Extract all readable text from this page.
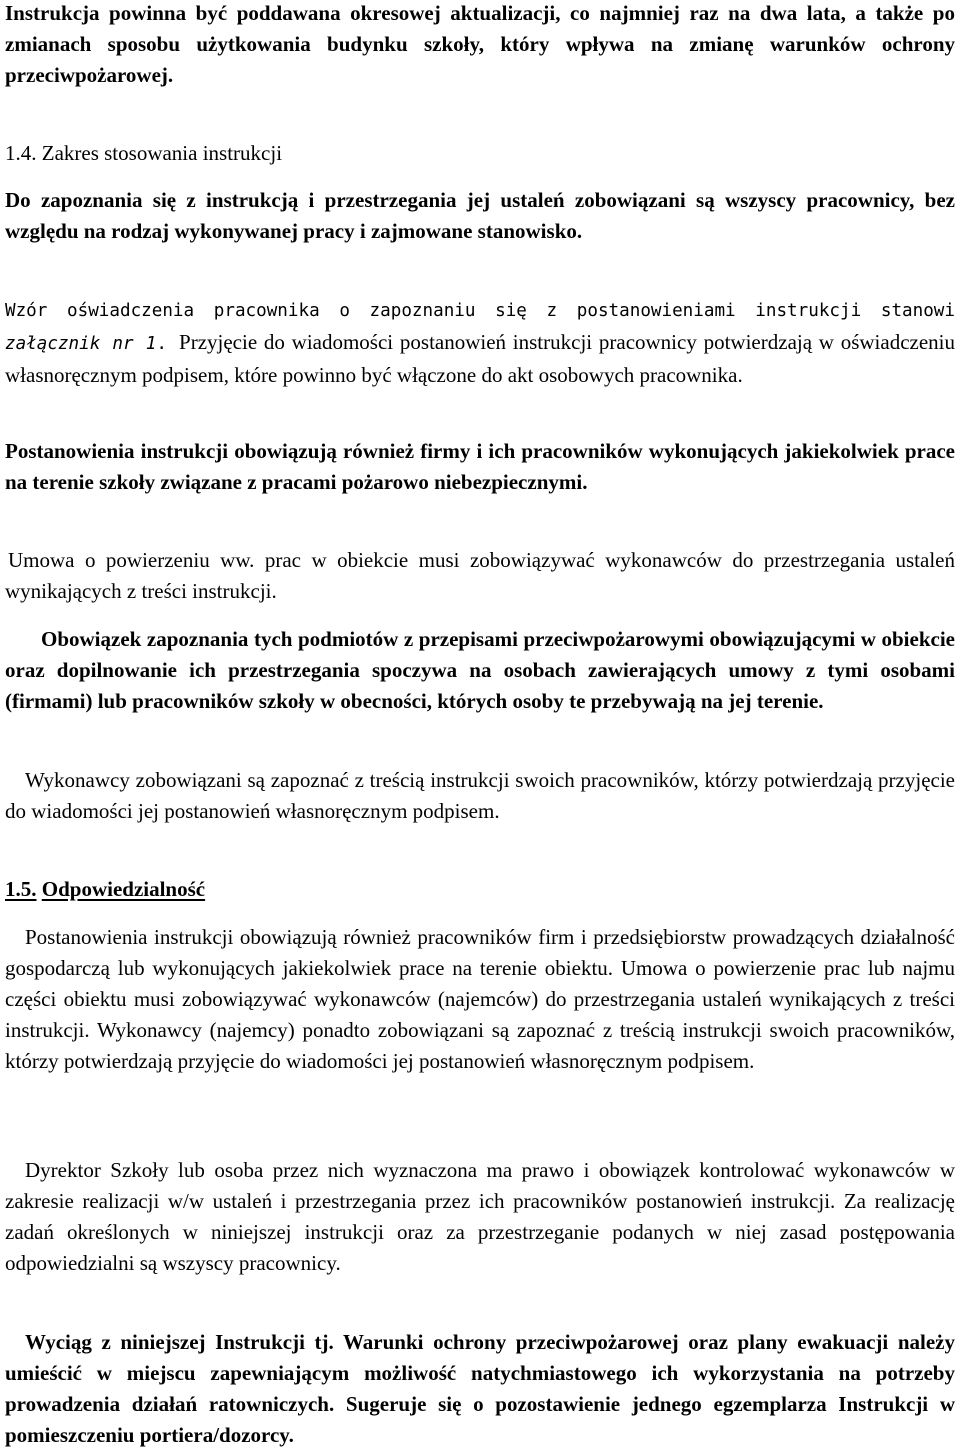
Instrukcja powinna być poddawana okresowej aktualizacji, co najmniej raz na dwa lata, a także po zmianach sposobu użytkowania budynku szkoły, który wpływa na zmianę warunków ochrony przeciwpożarowej.

1.4. Zakres stosowania instrukcji

Do zapoznania się z instrukcją i przestrzegania jej ustaleń zobowiązani są wszyscy pracownicy, bez względu na rodzaj wykonywanej pracy i zajmowane stanowisko.

Wzór oświadczenia pracownika o zapoznaniu się z postanowieniami instrukcji stanowi załącznik nr 1. Przyjęcie do wiadomości postanowień instrukcji pracownicy potwierdzają w oświadczeniu własnoręcznym podpisem, które powinno być włączone do akt osobowych pracownika.

Postanowienia instrukcji obowiązują również firmy i ich pracowników wykonujących jakiekolwiek prace na terenie szkoły związane z pracami pożarowo niebezpiecznymi.

Umowa o powierzeniu ww. prac w obiekcie musi zobowiązywać wykonawców do przestrzegania ustaleń wynikających z treści instrukcji.

Obowiązek zapoznania tych podmiotów z przepisami przeciwpożarowymi obowiązującymi w obiekcie oraz dopilnowanie ich przestrzegania spoczywa na osobach zawierających umowy z tymi osobami (firmami) lub pracowników szkoły w obecności, których osoby te przebywają na jej terenie.

Wykonawcy zobowiązani są zapoznać z treścią instrukcji swoich pracowników, którzy potwierdzają przyjęcie do wiadomości jej postanowień własnoręcznym podpisem.

1.5. Odpowiedzialność

Postanowienia instrukcji obowiązują również pracowników firm i przedsiębiorstw prowadzących działalność gospodarczą lub wykonujących jakiekolwiek prace na terenie obiektu. Umowa o powierzenie prac lub najmu części obiektu musi zobowiązywać wykonawców (najemców) do przestrzegania ustaleń wynikających z treści instrukcji. Wykonawcy (najemcy) ponadto zobowiązani są zapoznać z treścią instrukcji swoich pracowników, którzy potwierdzają przyjęcie do wiadomości jej postanowień własnoręcznym podpisem.

Dyrektor Szkoły lub osoba przez nich wyznaczona ma prawo i obowiązek kontrolować wykonawców w zakresie realizacji w/w ustaleń i przestrzegania przez ich pracowników postanowień instrukcji. Za realizację zadań określonych w niniejszej instrukcji oraz za przestrzeganie podanych w niej zasad postępowania odpowiedzialni są wszyscy pracownicy.

Wyciąg z niniejszej Instrukcji tj. Warunki ochrony przeciwpożarowej oraz plany ewakuacji należy umieścić w miejscu zapewniającym możliwość natychmiastowego ich wykorzystania na potrzeby prowadzenia działań ratowniczych. Sugeruje się o pozostawienie jednego egzemplarza Instrukcji w pomieszczeniu portiera/dozorcy.
